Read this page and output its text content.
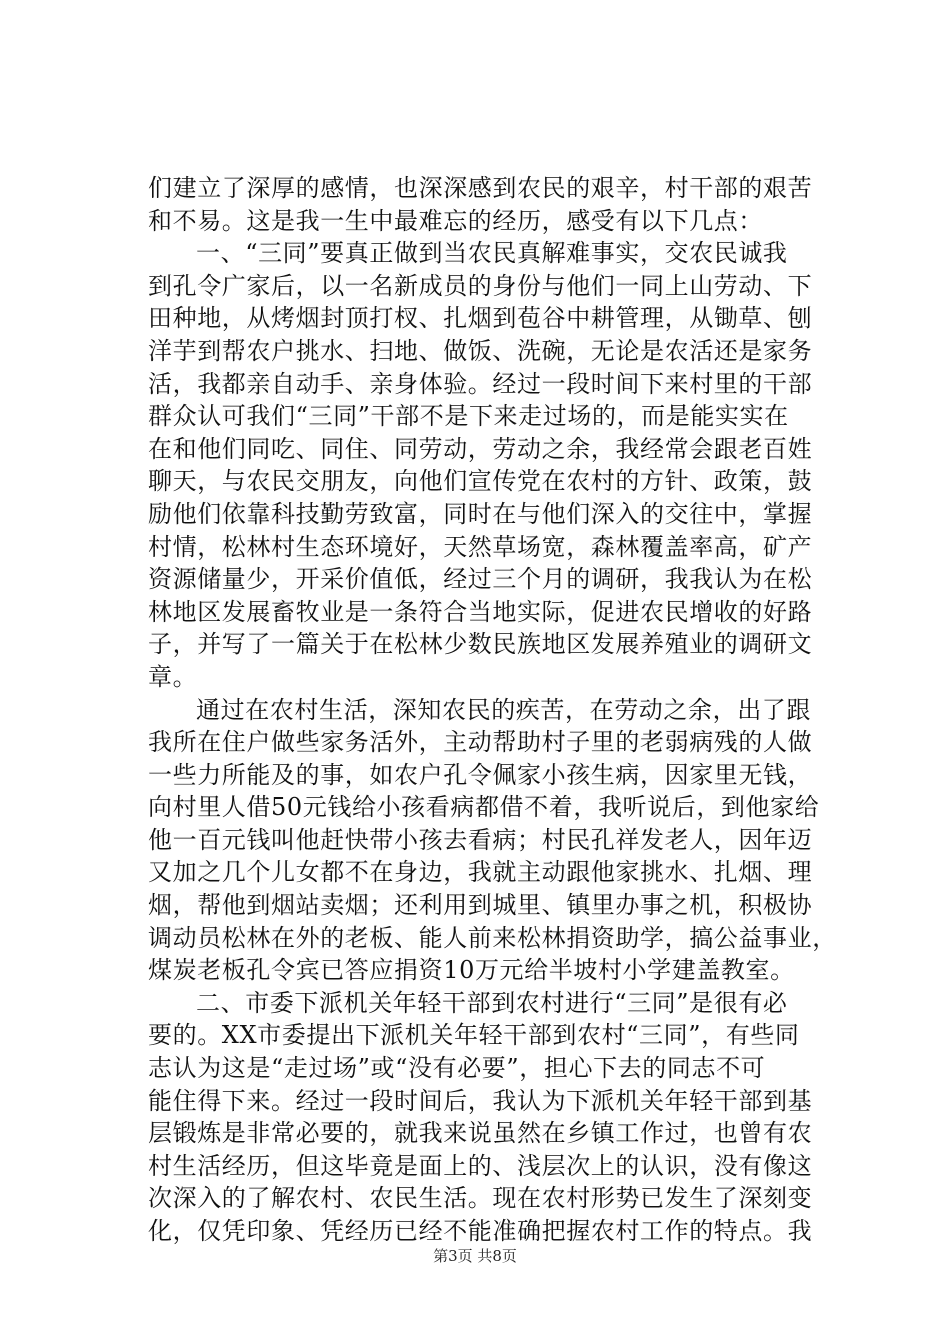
们建立了深厚的感情，也深深感到农民的艰辛，村干部的艰苦
和不易。这是我一生中最难忘的经历，感受有以下几点：
一、“三同”要真正做到当农民真解难事实，交农民诚我
到孔令广家后，以一名新成员的身份与他们一同上山劳动、下
田种地，从烤烟封顶打杈、扎烟到苞谷中耕管理，从锄草、刨
洋芋到帮农户挑水、扫地、做饭、洗碗，无论是农活还是家务
活，我都亲自动手、亲身体验。经过一段时间下来村里的干部
群众认可我们“三同”干部不是下来走过场的，而是能实实在
在和他们同吃、同住、同劳动，劳动之余，我经常会跟老百姓
聊天，与农民交朋友，向他们宣传党在农村的方针、政策，鼓
励他们依靠科技勤劳致富，同时在与他们深入的交往中，掌握
村情，松林村生态环境好，天然草场宽，森林覆盖率高，矿产
资源储量少，开采价值低，经过三个月的调研，我我认为在松
林地区发展畜牧业是一条符合当地实际，促进农民增收的好路
子，并写了一篇关于在松林少数民族地区发展养殖业的调研文
章。
通过在农村生活，深知农民的疾苦，在劳动之余，出了跟
我所在住户做些家务活外，主动帮助村子里的老弱病残的人做
一些力所能及的事，如农户孔令佩家小孩生病，因家里无钱，
向村里人借50元钱给小孩看病都借不着，我听说后，到他家给
他一百元钱叫他赶快带小孩去看病；村民孔祥发老人，因年迈
又加之几个儿女都不在身边，我就主动跟他家挑水、扎烟、理
烟，帮他到烟站卖烟；还利用到城里、镇里办事之机，积极协
调动员松林在外的老板、能人前来松林捐资助学，搞公益事业，
煤炭老板孔令宾已答应捐资10万元给半坡村小学建盖教室。
二、市委下派机关年轻干部到农村进行“三同”是很有必
要的。XX市委提出下派机关年轻干部到农村“三同”，有些同
志认为这是“走过场”或“没有必要”，担心下去的同志不可
能住得下来。经过一段时间后，我认为下派机关年轻干部到基
层锻炼是非常必要的，就我来说虽然在乡镇工作过，也曾有农
村生活经历，但这毕竟是面上的、浅层次上的认识，没有像这
次深入的了解农村、农民生活。现在农村形势已发生了深刻变
化，仅凭印象、凭经历已经不能准确把握农村工作的特点。我
第3页 共8页
